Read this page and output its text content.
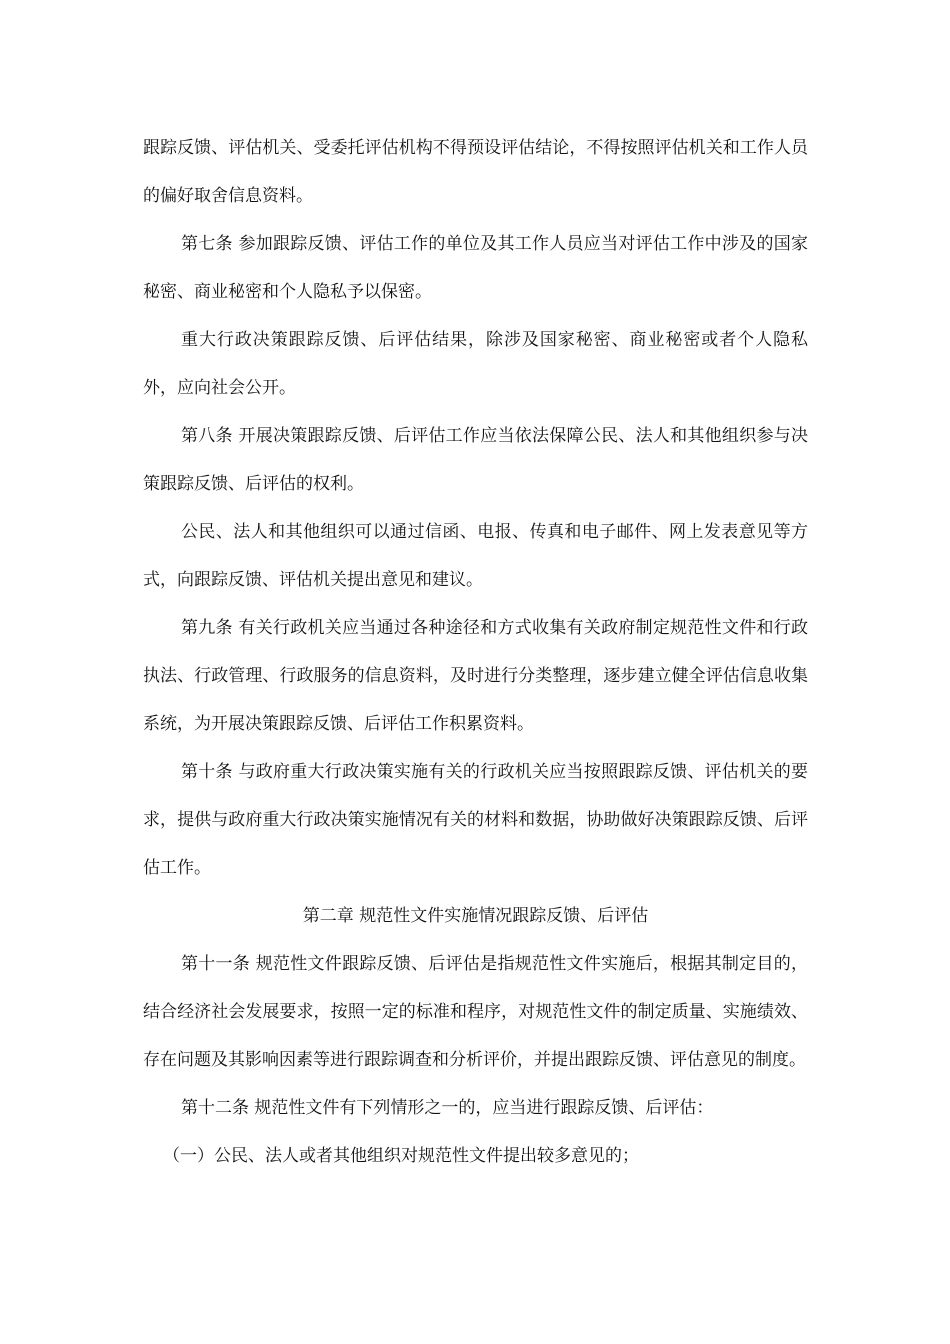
跟踪反馈、评估机关、受委托评估机构不得预设评估结论，不得按照评估机关和工作人员的偏好取舍信息资料。

第七条 参加跟踪反馈、评估工作的单位及其工作人员应当对评估工作中涉及的国家秘密、商业秘密和个人隐私予以保密。

重大行政决策跟踪反馈、后评估结果，除涉及国家秘密、商业秘密或者个人隐私外，应向社会公开。

第八条 开展决策跟踪反馈、后评估工作应当依法保障公民、法人和其他组织参与决策跟踪反馈、后评估的权利。

公民、法人和其他组织可以通过信函、电报、传真和电子邮件、网上发表意见等方式，向跟踪反馈、评估机关提出意见和建议。

第九条 有关行政机关应当通过各种途径和方式收集有关政府制定规范性文件和行政执法、行政管理、行政服务的信息资料，及时进行分类整理，逐步建立健全评估信息收集系统，为开展决策跟踪反馈、后评估工作积累资料。

第十条 与政府重大行政决策实施有关的行政机关应当按照跟踪反馈、评估机关的要求，提供与政府重大行政决策实施情况有关的材料和数据，协助做好决策跟踪反馈、后评估工作。

第二章 规范性文件实施情况跟踪反馈、后评估

第十一条 规范性文件跟踪反馈、后评估是指规范性文件实施后，根据其制定目的，结合经济社会发展要求，按照一定的标准和程序，对规范性文件的制定质量、实施绩效、存在问题及其影响因素等进行跟踪调查和分析评价，并提出跟踪反馈、评估意见的制度。

第十二条 规范性文件有下列情形之一的，应当进行跟踪反馈、后评估：

（一）公民、法人或者其他组织对规范性文件提出较多意见的；
